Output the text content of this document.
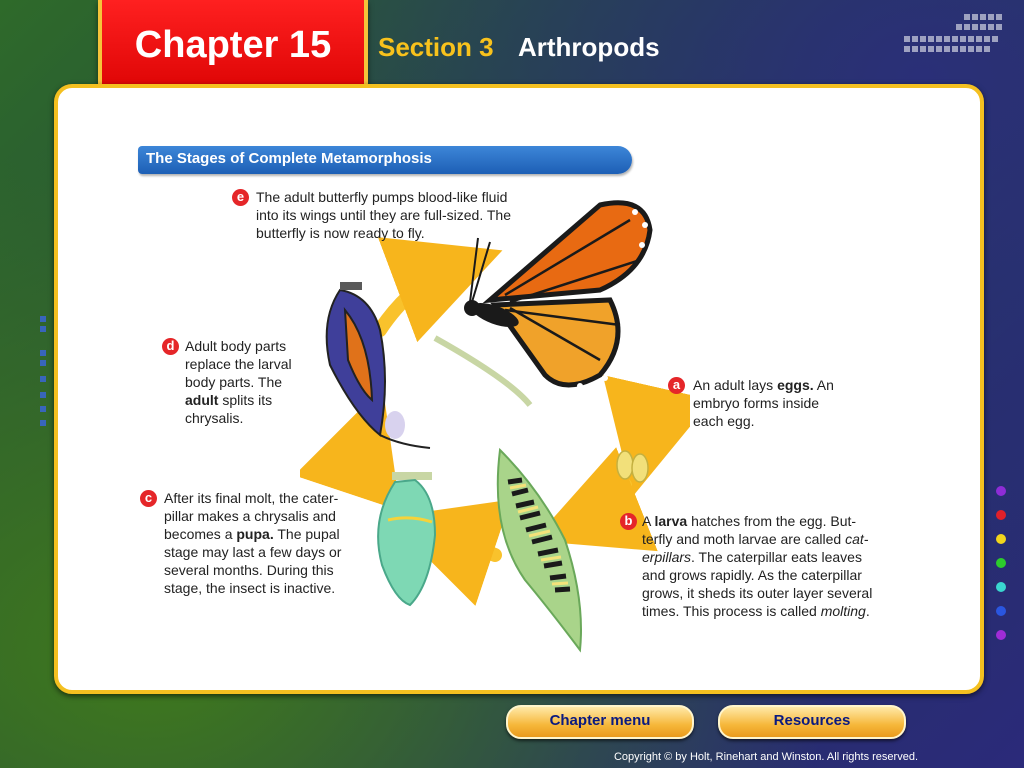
Chapter 15	Section 3 Arthropods
The Stages of Complete Metamorphosis
e The adult butterfly pumps blood-like fluid

into its wings until they are full-sized. The

butterfly is now ready to fly.

d Adult body parts

replace the larval

body parts. The

adult splits its

chrysalis.

a An adult lays eggs. An

embryo forms inside

each egg.

c After its final molt, the cater-

pillar makes a chrysalis and

becomes a pupa. The pupal

stage may last a few days or

several months. During this

stage, the insect is inactive.

b A larva hatches from the egg. But-

terfly and moth larvae are called cat-

erpillars. The caterpillar eats leaves

and grows rapidly. As the caterpillar

grows, it sheds its outer layer several

times. This process is called molting.

Chapter menu	Resources
Copyright © by Holt, Rinehart and Winston. All rights reserved.
